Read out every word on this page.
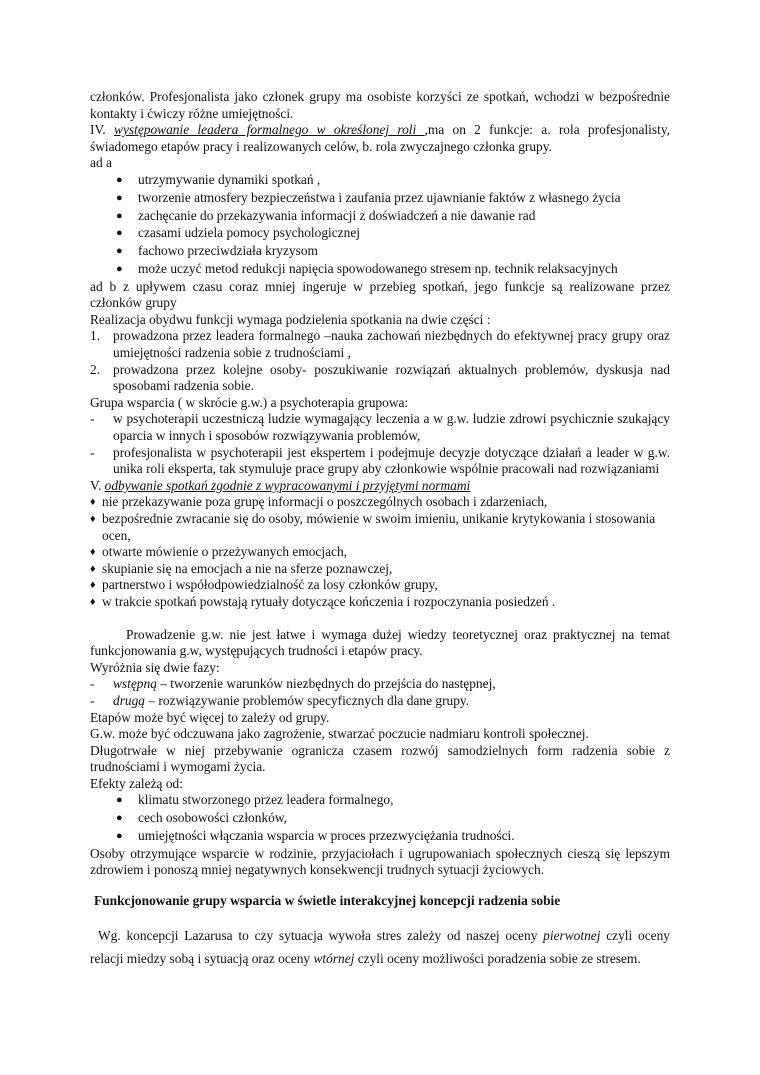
członków. Profesjonalista jako członek grupy ma osobiste korzyści ze spotkań, wchodzi w bezpośrednie kontakty i ćwiczy różne umiejętności.

IV. występowanie leadera formalnego w określonej roli ,ma on 2 funkcje: a. rola profesjonalisty, świadomego etapów pracy i realizowanych celów, b. rola zwyczajnego członka grupy.

ad a

● utrzymywanie dynamiki spotkań ,
● tworzenie atmosfery bezpieczeństwa i zaufania przez ujawnianie faktów z własnego życia
● zachęcanie do przekazywania informacji z doświadczeń a nie dawanie rad
● czasami udziela pomocy psychologicznej
● fachowo przeciwdziała kryzysom
● może uczyć metod redukcji napięcia spowodowanego stresem np. technik relaksacyjnych

ad b z upływem czasu coraz mniej ingeruje w przebieg spotkań, jego funkcje są realizowane przez członków grupy

Realizacja obydwu funkcji wymaga podzielenia spotkania na dwie części :

1. prowadzona przez leadera formalnego –nauka zachowań niezbędnych do efektywnej pracy grupy oraz umiejętności radzenia sobie z trudnościami ,
2. prowadzona przez kolejne osoby- poszukiwanie rozwiązań aktualnych problemów, dyskusja nad sposobami radzenia sobie.

Grupa wsparcia ( w skrócie g.w.) a psychoterapia grupowa:

- w psychoterapii uczestniczą ludzie wymagający leczenia a w g.w. ludzie zdrowi psychicznie szukający oparcia w innych i sposobów rozwiązywania problemów,
- profesjonalista w psychoterapii jest ekspertem i podejmuje decyzje dotyczące działań a leader w g.w. unika roli eksperta, tak stymuluje prace grupy aby członkowie wspólnie pracowali nad rozwiązaniami

V. odbywanie spotkań zgodnie z wypracowanymi i przyjętymi normami

♦ nie przekazywanie poza grupę informacji o poszczególnych osobach i zdarzeniach,
♦ bezpośrednie zwracanie się do osoby, mówienie w swoim imieniu, unikanie krytykowania i stosowania ocen,
♦ otwarte mówienie o przeżywanych emocjach,
♦ skupianie się na emocjach a nie na sferze poznawczej,
♦ partnerstwo i współodpowiedzialność za losy członków grupy,
♦ w trakcie spotkań powstają rytuały dotyczące kończenia i rozpoczynania posiedzeń .

Prowadzenie g.w. nie jest łatwe i wymaga dużej wiedzy teoretycznej oraz praktycznej na temat funkcjonowania g.w, występujących trudności i etapów pracy.

Wyróżnia się dwie fazy:

- wstępną – tworzenie warunków niezbędnych do przejścia do następnej,
- drugą – rozwiązywanie problemów specyficznych dla dane grupy.

Etapów może być więcej to zależy od grupy.

G.w. może być odczuwana jako zagrożenie, stwarzać poczucie nadmiaru kontroli społecznej.

Długotrwałe w niej przebywanie ogranicza czasem rozwój samodzielnych form radzenia sobie z trudnościami i wymogami życia.

Efekty zależą od:

● klimatu stworzonego przez leadera formalnego,
● cech osobowości członków,
● umiejętności włączania wsparcia w proces przezwyciężania trudności.

Osoby otrzymujące wsparcie w rodzinie, przyjaciołach i ugrupowaniach społecznych cieszą się lepszym zdrowiem i ponoszą mniej negatywnych konsekwencji trudnych sytuacji życiowych.

Funkcjonowanie grupy wsparcia w świetle interakcyjnej koncepcji radzenia sobie

Wg. koncepcji Lazarusa to czy sytuacja wywoła stres zależy od naszej oceny pierwotnej czyli oceny relacji miedzy sobą i sytuacją oraz oceny wtórnej czyli oceny możliwości poradzenia sobie ze stresem.
